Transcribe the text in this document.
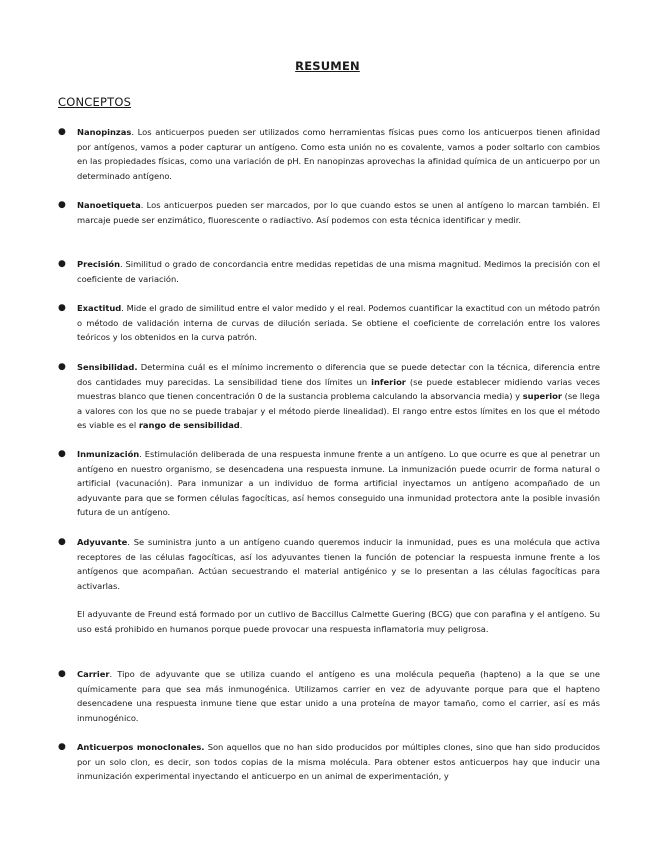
RESUMEN
CONCEPTOS
● Nanopinzas. Los anticuerpos pueden ser utilizados como herramientas físicas pues como los anticuerpos tienen afinidad por antígenos, vamos a poder capturar un antígeno. Como esta unión no es covalente, vamos a poder soltarlo con cambios en las propiedades físicas, como una variación de pH. En nanopinzas aprovechas la afinidad química de un anticuerpo por un determinado antígeno.
● Nanoetiqueta. Los anticuerpos pueden ser marcados, por lo que cuando estos se unen al antígeno lo marcan también. El marcaje puede ser enzimático, fluorescente o radiactivo. Así podemos con esta técnica identificar y medir.
● Precisión. Similitud o grado de concordancia entre medidas repetidas de una misma magnitud. Medimos la precisión con el coeficiente de variación.
● Exactitud. Mide el grado de similitud entre el valor medido y el real. Podemos cuantificar la exactitud con un método patrón o método de validación interna de curvas de dilución seriada. Se obtiene el coeficiente de correlación entre los valores teóricos y los obtenidos en la curva patrón.
● Sensibilidad. Determina cuál es el mínimo incremento o diferencia que se puede detectar con la técnica, diferencia entre dos cantidades muy parecidas. La sensibilidad tiene dos límites un inferior (se puede establecer midiendo varias veces muestras blanco que tienen concentración 0 de la sustancia problema calculando la absorvancia media) y superior (se llega a valores con los que no se puede trabajar y el método pierde linealidad). El rango entre estos límites en los que el método es viable es el rango de sensibilidad.
● Inmunización. Estimulación deliberada de una respuesta inmune frente a un antígeno. Lo que ocurre es que al penetrar un antígeno en nuestro organismo, se desencadena una respuesta inmune. La inmunización puede ocurrir de forma natural o artificial (vacunación). Para inmunizar a un individuo de forma artificial inyectamos un antígeno acompañado de un adyuvante para que se formen células fagocíticas, así hemos conseguido una inmunidad protectora ante la posible invasión futura de un antígeno.
● Adyuvante. Se suministra junto a un antígeno cuando queremos inducir la inmunidad, pues es una molécula que activa receptores de las células fagocíticas, así los adyuvantes tienen la función de potenciar la respuesta inmune frente a los antígenos que acompañan. Actúan secuestrando el material antigénico y se lo presentan a las células fagocíticas para activarlas.
El adyuvante de Freund está formado por un cutlivo de Baccillus Calmette Guering (BCG) que con parafina y el antígeno. Su uso está prohibido en humanos porque puede provocar una respuesta inflamatoria muy peligrosa.
● Carrier. Tipo de adyuvante que se utiliza cuando el antígeno es una molécula pequeña (hapteno) a la que se une químicamente para que sea más inmunogénica. Utilizamos carrier en vez de adyuvante porque para que el hapteno desencadene una respuesta inmune tiene que estar unido a una proteína de mayor tamaño, como el carrier, así es más inmunogénico.
● Anticuerpos monoclonales. Son aquellos que no han sido producidos por múltiples clones, sino que han sido producidos por un solo clon, es decir, son todos copias de la misma molécula. Para obtener estos anticuerpos hay que inducir una inmunización experimental inyectando el anticuerpo en un animal de experimentación, y
